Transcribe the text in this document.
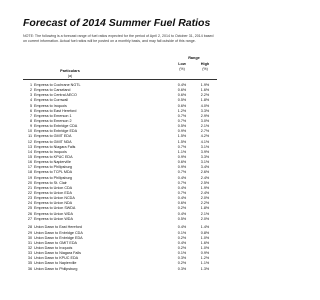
Forecast of 2014 Summer Fuel Ratios
NOTE: The following is a forecast range of fuel ratios expected for the period of April 2, 2014 to October 31, 2014 based on current information. Actual fuel ratios will be posted on a monthly basis, and may fall outside of this range.
Range
Low	High
(%)	(%)
Particulars
(a)
1 Empress to Cochrane NGTL	0.4%	1.9%
2 Empress to Carseland	0.6%	1.6%
3 Empress to Central AECO	0.6%	2.2%
4 Empress to Cornwall	0.5%	1.8%
5 Empress to Iroquois	0.6%	4.0%
6 Empress to East Hereford	1.2%	3.3%
7 Empress to Emerson 1	0.7%	2.9%
8 Empress to Emerson 2	0.7%	3.0%
9 Empress to Enbridge CDA	0.5%	2.1%
10 Empress to Enbridge EDA	0.9%	2.7%
11 Empress to GMIT EDA	1.5%	4.2%
12 Empress to GMIT NDA	1.5%	4.1%
13 Empress to Niagara Falls	0.7%	3.1%
14 Empress to Iroquois	1.1%	3.9%
15 Empress to KPUC EDA	0.9%	3.3%
16 Empress to Napierville	0.6%	3.1%
17 Empress to Philipsburg	0.9%	3.4%
18 Empress to TCPL MDA	0.7%	2.6%
19 Empress to Philipsburg	0.4%	2.4%
20 Empress to St. Clair	0.7%	2.5%
21 Empress to Union CDA	0.4%	1.9%
22 Empress to Union EDA	0.7%	2.4%
23 Empress to Union NCDA	0.4%	2.0%
24 Empress to Union NDA	0.6%	2.2%
25 Empress to Union SWDA	0.2%	1.8%
26 Empress to Union WDA	0.4%	2.1%
27 Empress to Union WDA	0.5%	2.0%
28 Union Dawn to East Hereford	0.4%	1.4%
29 Union Dawn to Enbridge CDA	0.1%	0.8%
30 Union Dawn to Enbridge EDA	0.2%	1.0%
31 Union Dawn to GMIT EDA	0.4%	1.6%
32 Union Dawn to Iroquois	0.2%	1.0%
33 Union Dawn to Niagara Falls	0.1%	0.9%
34 Union Dawn to KPUC EDA	0.3%	1.2%
35 Union Dawn to Napierville	0.2%	1.1%
36 Union Dawn to Philipsburg	0.3%	1.3%
